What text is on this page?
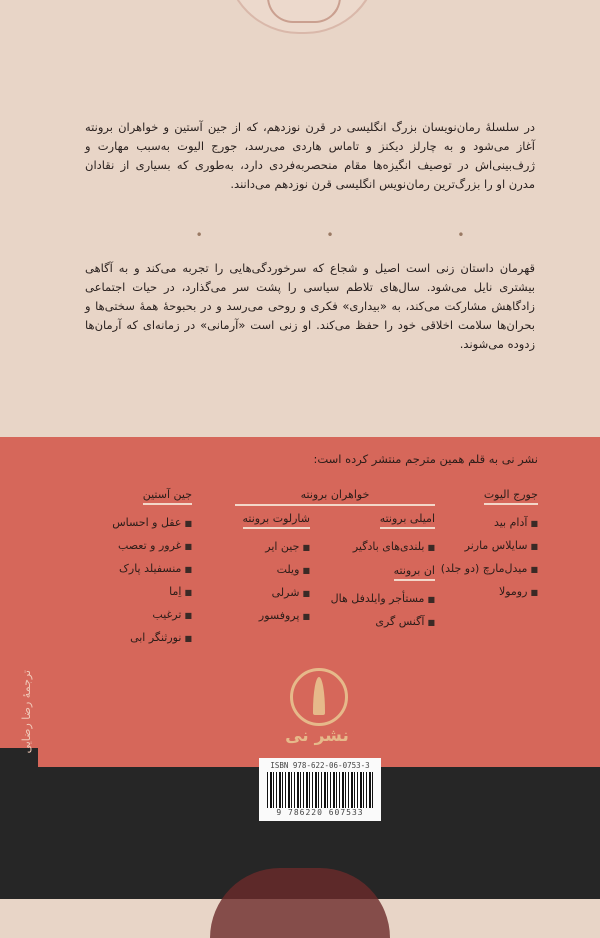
در سلسلهٔ رمان‌نویسان بزرگ انگلیسی در قرن نوزدهم، که از جین آستین و خواهران برونته آغاز می‌شود و به چارلز دیکنز و تاماس هاردی می‌رسد، جورج الیوت به‌سبب مهارت و ژرف‌بینی‌اش در توصیف انگیزه‌ها مقام منحصربه‌فردی دارد، به‌طوری که بسیاری از نقادان مدرن او را بزرگ‌ترین رمان‌نویس انگلیسی قرن نوزدهم می‌دانند.
• • •
قهرمان داستان زنی است اصیل و شجاع که سرخوردگی‌هایی را تجربه می‌کند و به آگاهی بیشتری نایل می‌شود. سال‌های تلاطم سیاسی را پشت سر می‌گذارد، در حیات اجتماعی زادگاهش مشارکت می‌کند، به «بیداری» فکری و روحی می‌رسد و در بحبوحهٔ همهٔ سختی‌ها و بحران‌ها سلامت اخلاقی خود را حفظ می‌کند. او زنی است «آرمانی» در زمانه‌ای که آرمان‌ها زدوده می‌شوند.
نشر نی به قلم همین مترجم منتشر کرده است:
خواهران برونته	جورج الیوت
■ آدام بید
■ سایلاس مارنر
■ میدل‌مارچ (دو جلد)
■ رومولا
امیلی برونته
■ بلندی‌های بادگیر
ان برونته
■ مستأجر وایلدفل هال
■ آگنس گری
شارلوت برونته
■ جین ایر
■ ویلت
■ شرلی
■ پروفسور
جین آستین
■ عقل و احساس
■ غرور و تعصب
■ منسفیلد پارک
■ اِما
■ ترغیب
■ نورثنگر ابی
ترجمهٔ رضا رضایی	نشر نی
ISBN 978-622-06-0753-3
9 786220 607533
